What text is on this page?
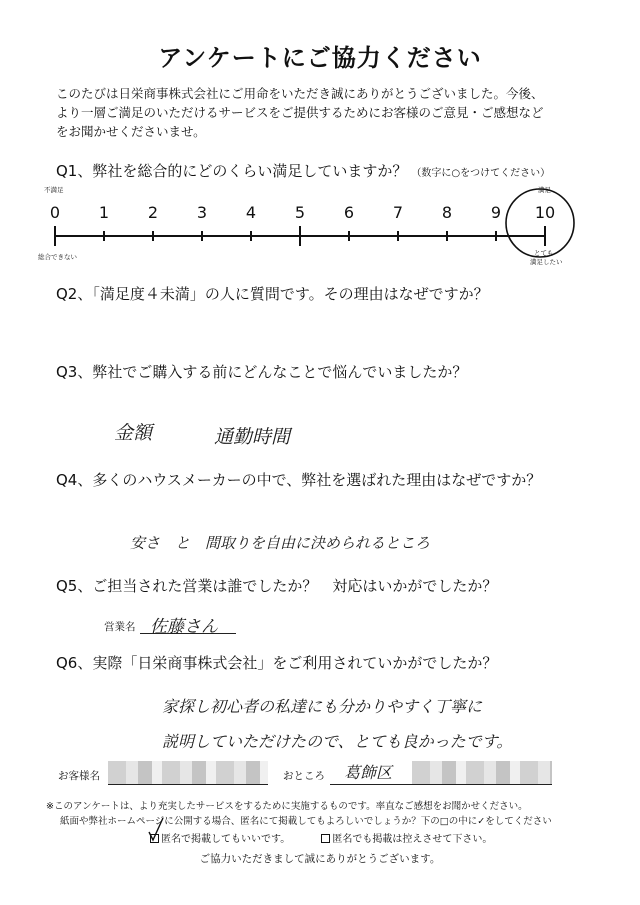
アンケートにご協力ください

このたびは日栄商事株式会社にご用命をいただき誠にありがとうございました。今後、

より一層ご満足のいただけるサービスをご提供するためにお客様のご意見・ご感想など

をお聞かせくださいませ。

Q1、弊社を総合的にどのくらい満足していますか？ （数字に○をつけてください）
0	1	2	3	4	5	6	7	8	9	10
不満足
総合できない
満足
とても
満足したい
Q2、「満足度４未満」の人に質問です。その理由はなぜですか？
Q3、弊社でご購入する前にどんなことで悩んでいましたか？
金額	通勤時間
Q4、多くのハウスメーカーの中で、弊社を選ばれた理由はなぜですか？
安さ　と　間取りを自由に決められるところ
Q5、ご担当された営業は誰でしたか？　対応はいかがでしたか？
営業名 佐藤さん
Q6、実際「日栄商事株式会社」をご利用されていかがでしたか？
家探し初心者の私達にも分かりやすく丁寧に
説明していただけたので、とても良かったです。
お客様名	おところ 葛飾区
※このアンケートは、より充実したサービスをするために実施するものです。率直なご感想をお聞かせください。
紙面や弊社ホームページに公開する場合、匿名にて掲載してもよろしいでしょうか？下の□の中に✓をしてください
匿名で掲載してもいいです。	匿名でも掲載は控えさせて下さい。
ご協力いただきまして誠にありがとうございます。
